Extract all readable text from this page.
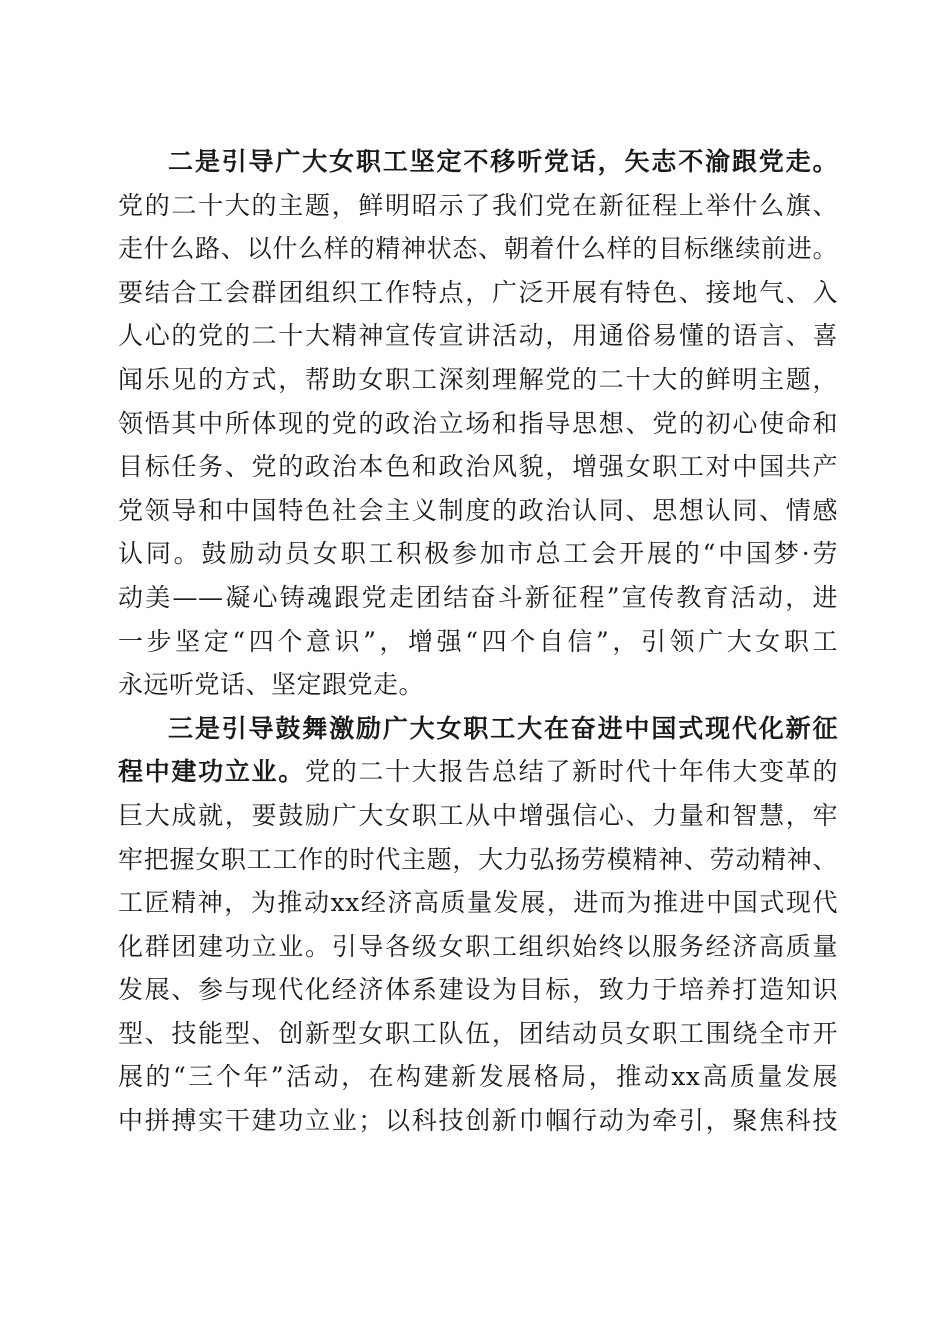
二是引导广大女职工坚定不移听党话，矢志不渝跟党走。
党的二十大的主题，鲜明昭示了我们党在新征程上举什么旗、
走什么路、以什么样的精神状态、朝着什么样的目标继续前进。
要结合工会群团组织工作特点，广泛开展有特色、接地气、入
人心的党的二十大精神宣传宣讲活动，用通俗易懂的语言、喜
闻乐见的方式，帮助女职工深刻理解党的二十大的鲜明主题，
领悟其中所体现的党的政治立场和指导思想、党的初心使命和
目标任务、党的政治本色和政治风貌，增强女职工对中国共产
党领导和中国特色社会主义制度的政治认同、思想认同、情感
认同。鼓励动员女职工积极参加市总工会开展的“中国梦·劳
动美——凝心铸魂跟党走团结奋斗新征程”宣传教育活动，进
一步坚定“四个意识”，增强“四个自信”，引领广大女职工
永远听党话、坚定跟党走。
三是引导鼓舞激励广大女职工大在奋进中国式现代化新征
程中建功立业。党的二十大报告总结了新时代十年伟大变革的
巨大成就，要鼓励广大女职工从中增强信心、力量和智慧，牢
牢把握女职工工作的时代主题，大力弘扬劳模精神、劳动精神、
工匠精神，为推动xx经济高质量发展，进而为推进中国式现代
化群团建功立业。引导各级女职工组织始终以服务经济高质量
发展、参与现代化经济体系建设为目标，致力于培养打造知识
型、技能型、创新型女职工队伍，团结动员女职工围绕全市开
展的“三个年”活动，在构建新发展格局，推动xx高质量发展
中拼搏实干建功立业；以科技创新巾帼行动为牵引，聚焦科技
